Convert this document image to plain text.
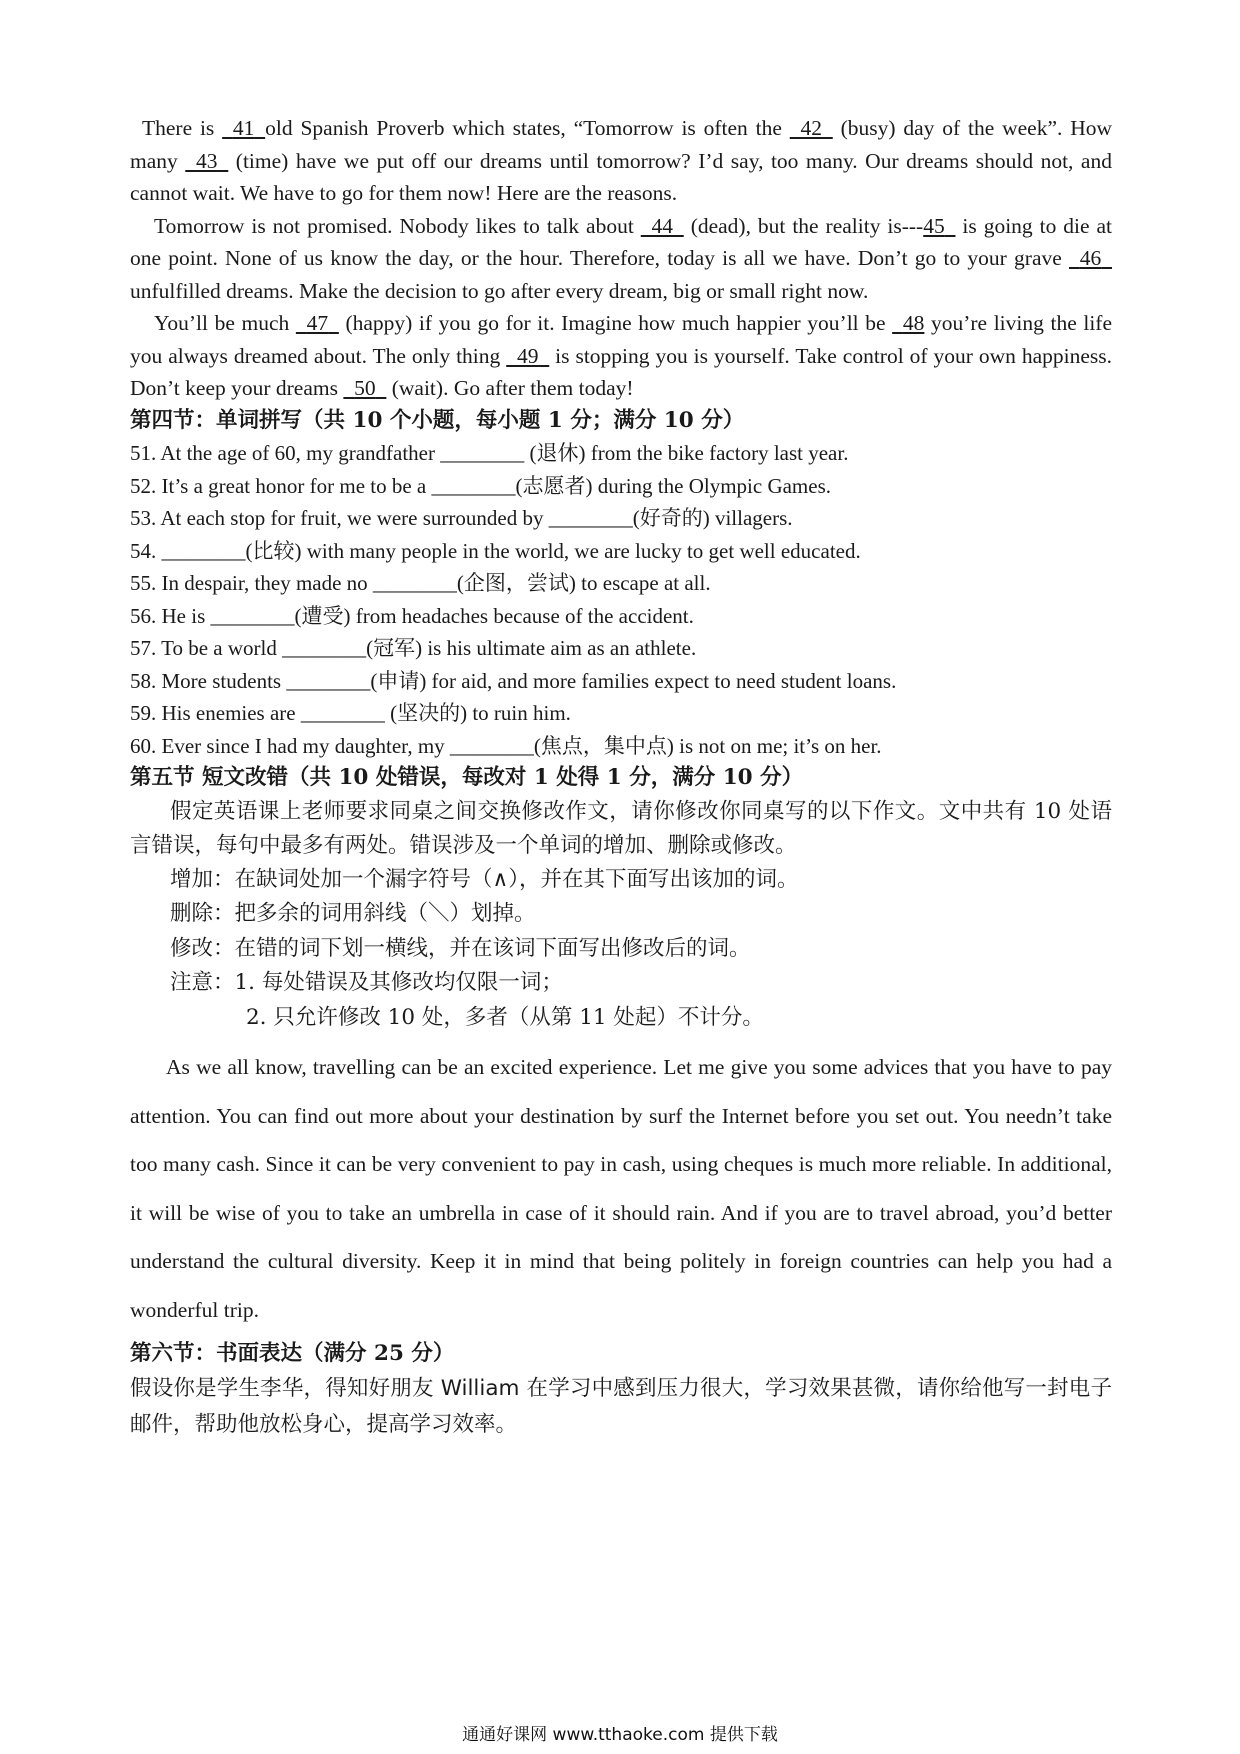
There is   41 old Spanish Proverb which states, “Tomorrow is often the   42   (busy) day of the week”. How many   43   (time) have we put off our dreams until tomorrow? I’d say, too many. Our dreams should not, and cannot wait. We have to go for them now! Here are the reasons.

Tomorrow is not promised. Nobody likes to talk about   44   (dead), but the reality is---45   is going to die at one point. None of us know the day, or the hour. Therefore, today is all we have. Don’t go to your grave   46   unfulfilled dreams. Make the decision to go after every dream, big or small right now.

You’ll be much   47   (happy) if you go for it. Imagine how much happier you’ll be   48 you’re living the life you always dreamed about. The only thing   49   is stopping you is yourself. Take control of your own happiness. Don’t keep your dreams   50   (wait). Go after them today!

第四节：单词拼写（共 10 个小题，每小题 1 分；满分 10 分）

51. At the age of 60, my grandfather ________ (退休) from the bike factory last year.

52. It’s a great honor for me to be a ________(志愿者) during the Olympic Games.

53. At each stop for fruit, we were surrounded by ________(好奇的) villagers.

54. ________(比较) with many people in the world, we are lucky to get well educated.

55. In despair, they made no ________(企图，尝试) to escape at all.

56. He is ________(遭受) from headaches because of the accident.

57. To be a world ________(冠军) is his ultimate aim as an athlete.

58. More students ________(申请) for aid, and more families expect to need student loans.

59. His enemies are ________ (坚决的) to ruin him.

60. Ever since I had my daughter, my ________(焦点，集中点) is not on me; it’s on her.

第五节 短文改错（共 10 处错误，每改对 1 处得 1 分，满分 10 分）

假定英语课上老师要求同桌之间交换修改作文，请你修改你同桌写的以下作文。文中共有 10 处语言错误，每句中最多有两处。错误涉及一个单词的增加、删除或修改。

增加：在缺词处加一个漏字符号（∧），并在其下面写出该加的词。

删除：把多余的词用斜线（＼）划掉。

修改：在错的词下划一横线，并在该词下面写出修改后的词。

注意：1. 每处错误及其修改均仅限一词；

2. 只允许修改 10 处，多者（从第 11 处起）不计分。

As we all know, travelling can be an excited experience. Let me give you some advices that you have to pay attention. You can find out more about your destination by surf the Internet before you set out. You needn’t take too many cash. Since it can be very convenient to pay in cash, using cheques is much more reliable. In additional, it will be wise of you to take an umbrella in case of it should rain. And if you are to travel abroad, you’d better understand the cultural diversity. Keep it in mind that being politely in foreign countries can help you had a wonderful trip.

第六节：书面表达（满分 25 分）

假设你是学生李华，得知好朋友 William 在学习中感到压力很大，学习效果甚微，请你给他写一封电子邮件，帮助他放松身心，提高学习效率。

通通好课网 www.tthaoke.com 提供下载
